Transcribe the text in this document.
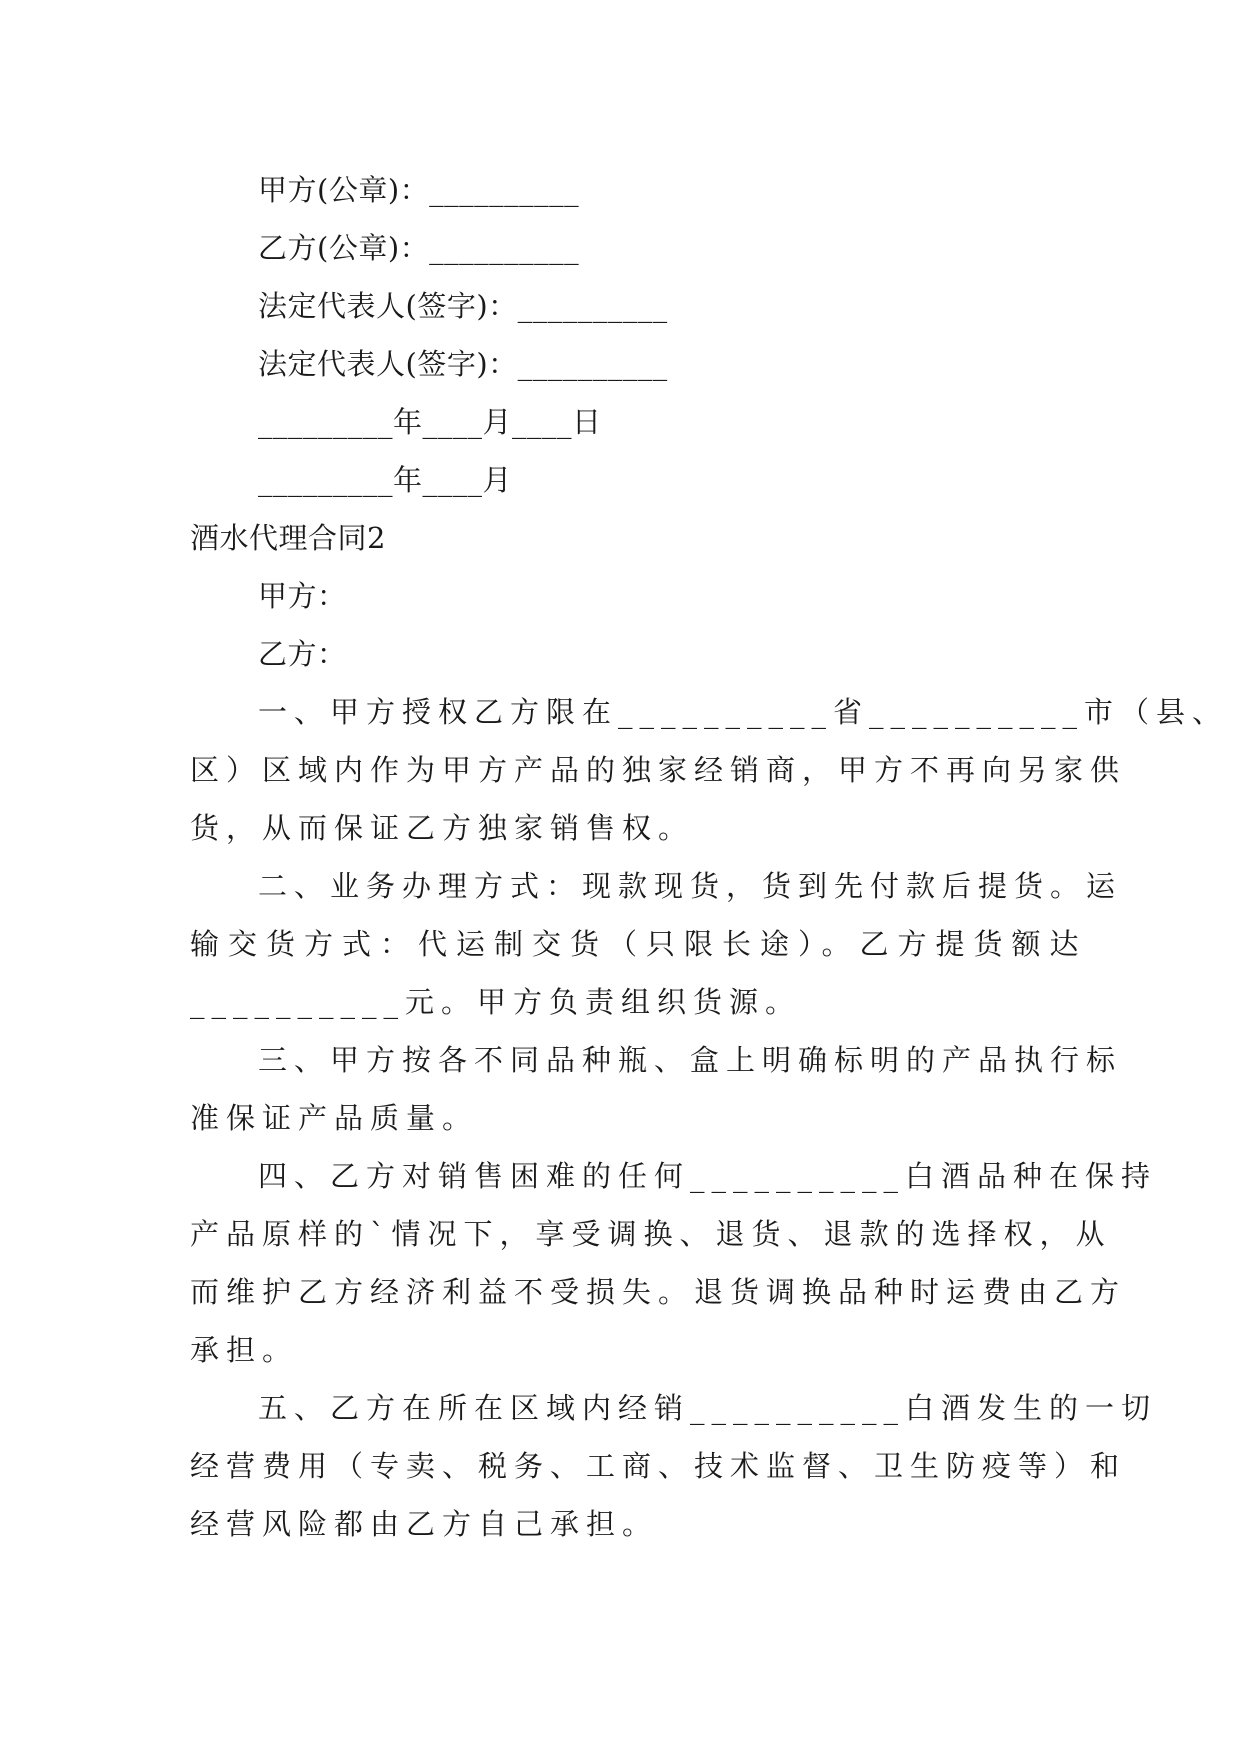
甲方(公章)：__________
乙方(公章)：__________
法定代表人(签字)：__________
法定代表人(签字)：__________
_________年____月____日
_________年____月
酒水代理合同2
甲方：
乙方：
一、甲方授权乙方限在__________省__________市（县、
区）区域内作为甲方产品的独家经销商，甲方不再向另家供
货，从而保证乙方独家销售权。
二、业务办理方式：现款现货，货到先付款后提货。运
输交货方式：代运制交货（只限长途）。乙方提货额达
__________元。甲方负责组织货源。
三、甲方按各不同品种瓶、盒上明确标明的产品执行标
准保证产品质量。
四、乙方对销售困难的任何__________白酒品种在保持
产品原样的`情况下，享受调换、退货、退款的选择权，从
而维护乙方经济利益不受损失。退货调换品种时运费由乙方
承担。
五、乙方在所在区域内经销__________白酒发生的一切
经营费用（专卖、税务、工商、技术监督、卫生防疫等）和
经营风险都由乙方自己承担。
